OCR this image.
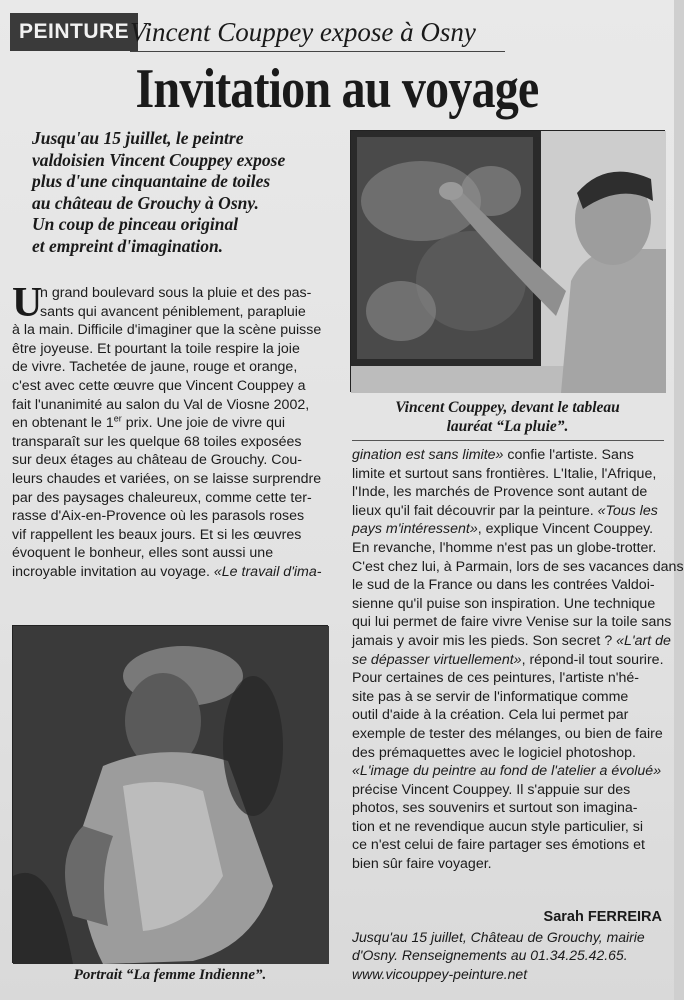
PEINTURE Vincent Couppey expose à Osny
Invitation au voyage
Jusqu'au 15 juillet, le peintre
valdoisien Vincent Couppey expose
plus d'une cinquantaine de toiles
au château de Grouchy à Osny.
Un coup de pinceau original
et empreint d'imagination.
Vincent Couppey, devant le tableau
lauréat “La pluie”.
U
n grand boulevard sous la pluie et des pas-
sants qui avancent péniblement, parapluie
à la main. Difficile d'imaginer que la scène puisse
être joyeuse. Et pourtant la toile respire la joie
de vivre. Tachetée de jaune, rouge et orange,
c'est avec cette œuvre que Vincent Couppey a
fait l'unanimité au salon du Val de Viosne 2002,
en obtenant le 1er prix. Une joie de vivre qui
transparaît sur les quelque 68 toiles exposées
sur deux étages au château de Grouchy. Cou-
leurs chaudes et variées, on se laisse surprendre
par des paysages chaleureux, comme cette ter-
rasse d'Aix-en-Provence où les parasols roses
vif rappellent les beaux jours. Et si les œuvres
évoquent le bonheur, elles sont aussi une
incroyable invitation au voyage. «Le travail d'ima-
Portrait “La femme Indienne”.
gination est sans limite» confie l'artiste. Sans
limite et surtout sans frontières. L'Italie, l'Afrique,
l'Inde, les marchés de Provence sont autant de
lieux qu'il fait découvrir par la peinture. «Tous les
pays m'intéressent», explique Vincent Couppey.
En revanche, l'homme n'est pas un globe-trotter.
C'est chez lui, à Parmain, lors de ses vacances dans
le sud de la France ou dans les contrées Valdoi-
sienne qu'il puise son inspiration. Une technique
qui lui permet de faire vivre Venise sur la toile sans
jamais y avoir mis les pieds. Son secret ? «L'art de
se dépasser virtuellement», répond-il tout sourire.
Pour certaines de ces peintures, l'artiste n'hé-
site pas à se servir de l'informatique comme
outil d'aide à la création. Cela lui permet par
exemple de tester des mélanges, ou bien de faire
des prémaquettes avec le logiciel photoshop.
«L'image du peintre au fond de l'atelier a évolué»
précise Vincent Couppey. Il s'appuie sur des
photos, ses souvenirs et surtout son imagina-
tion et ne revendique aucun style particulier, si
ce n'est celui de faire partager ses émotions et
bien sûr faire voyager.
Sarah FERREIRA
Jusqu'au 15 juillet, Château de Grouchy, mairie
d'Osny. Renseignements au 01.34.25.42.65.
www.vicouppey-peinture.net
